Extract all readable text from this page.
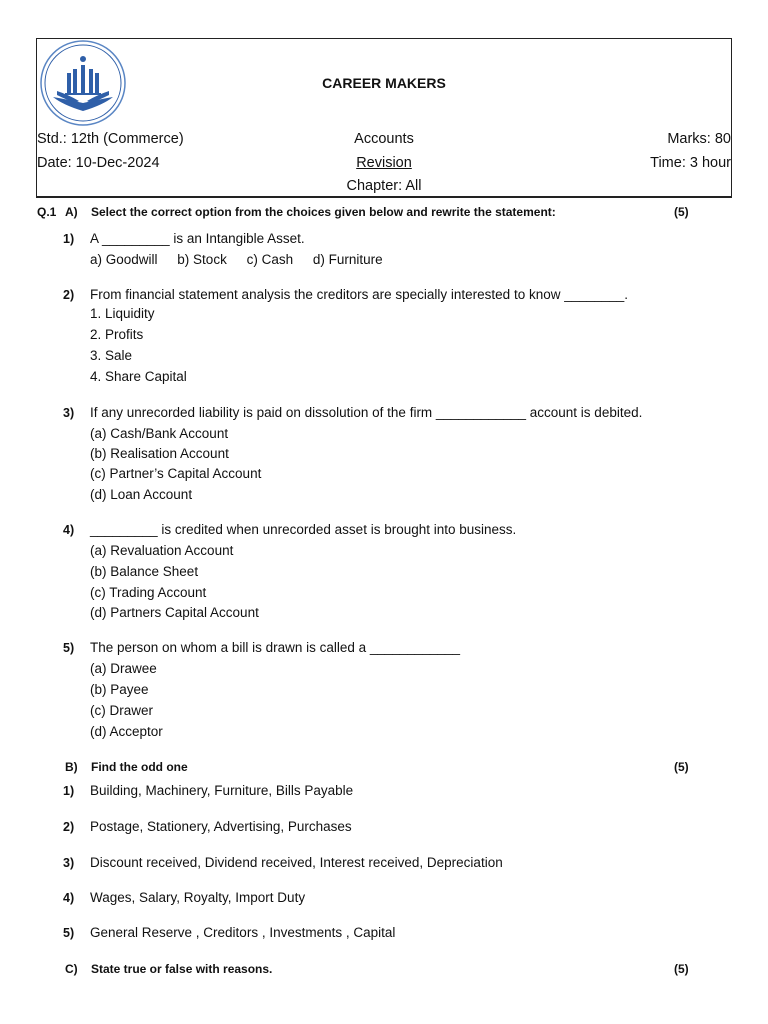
CAREER MAKERS
Std.: 12th (Commerce)	Accounts	Marks: 80
Date: 10-Dec-2024	Revision	Time: 3 hour
Chapter: All
Q.1 A) Select the correct option from the choices given below and rewrite the statement:	(5)
1) A _________ is an Intangible Asset.
a) Goodwill b) Stock c) Cash d) Furniture
2) From financial statement analysis the creditors are specially interested to know ________.
1. Liquidity
2. Profits
3. Sale
4. Share Capital
3) If any unrecorded liability is paid on dissolution of the firm ____________ account is debited.
(a) Cash/Bank Account
(b) Realisation Account
(c) Partner’s Capital Account
(d) Loan Account
4) _________ is credited when unrecorded asset is brought into business.
(a) Revaluation Account
(b) Balance Sheet
(c) Trading Account
(d) Partners Capital Account
5) The person on whom a bill is drawn is called a ____________
(a) Drawee
(b) Payee
(c) Drawer
(d) Acceptor
B) Find the odd one	(5)
1) Building, Machinery, Furniture, Bills Payable
2) Postage, Stationery, Advertising, Purchases
3) Discount received, Dividend received, Interest received, Depreciation
4) Wages, Salary, Royalty, Import Duty
5) General Reserve , Creditors , Investments , Capital
C) State true or false with reasons.	(5)
